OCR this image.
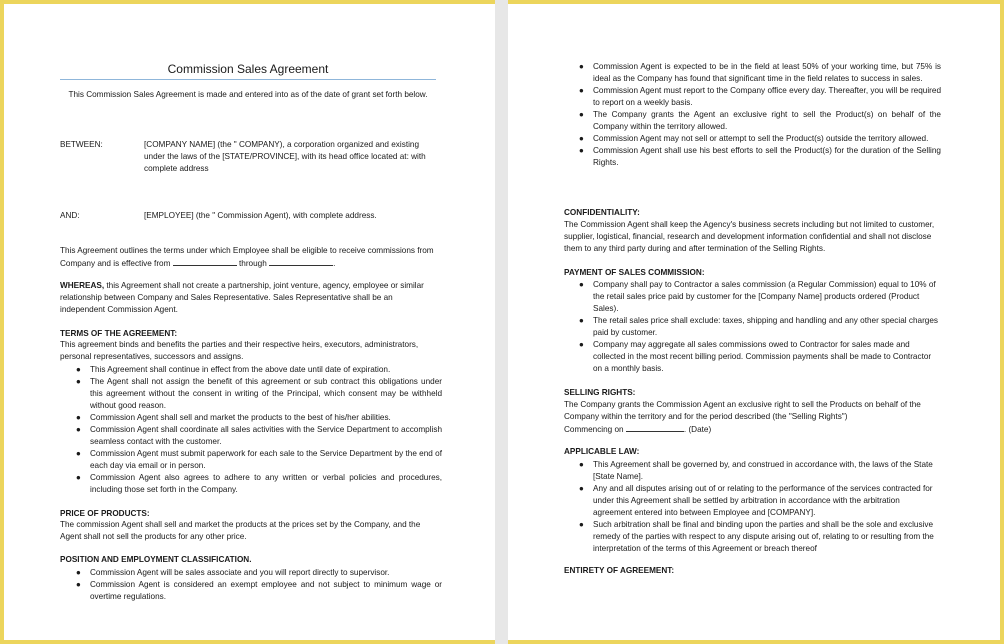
Commission Sales Agreement
This Commission Sales Agreement is made and entered into as of the date of grant set forth below.
BETWEEN:	[COMPANY NAME] (the " COMPANY), a corporation organized and existing under the laws of the [STATE/PROVINCE], with its head office located at: with complete address
AND:	[EMPLOYEE] (the " Commission Agent), with complete address.
This Agreement outlines the terms under which Employee shall be eligible to receive commissions from Company and is effective from	through	.
WHEREAS, this Agreement shall not create a partnership, joint venture, agency, employee or similar relationship between Company and Sales Representative. Sales Representative shall be an independent Commission Agent.
TERMS OF THE AGREEMENT:
This agreement binds and benefits the parties and their respective heirs, executors, administrators, personal representatives, successors and assigns.
● This Agreement shall continue in effect from the above date until date of expiration.
● The Agent shall not assign the benefit of this agreement or sub contract this obligations under this agreement without the consent in writing of the Principal, which consent may be withheld without good reason.
● Commission Agent shall sell and market the products to the best of his/her abilities.
● Commission Agent shall coordinate all sales activities with the Service Department to accomplish seamless contact with the customer.
● Commission Agent must submit paperwork for each sale to the Service Department by the end of each day via email or in person.
● Commission Agent also agrees to adhere to any written or verbal policies and procedures, including those set forth in the Company.
PRICE OF PRODUCTS:
The commission Agent shall sell and market the products at the prices set by the Company, and the Agent shall not sell the products for any other price.
POSITION AND EMPLOYMENT CLASSIFICATION.
● Commission Agent will be sales associate and you will report directly to supervisor.
● Commission Agent is considered an exempt employee and not subject to minimum wage or overtime regulations.
● Commission Agent is expected to be in the field at least 50% of your working time, but 75% is ideal as the Company has found that significant time in the field relates to success in sales.
● Commission Agent must report to the Company office every day. Thereafter, you will be required to report on a weekly basis.
● The Company grants the Agent an exclusive right to sell the Product(s) on behalf of the Company within the territory allowed.
● Commission Agent may not sell or attempt to sell the Product(s) outside the territory allowed.
● Commission Agent shall use his best efforts to sell the Product(s) for the duration of the Selling Rights.
CONFIDENTIALITY:
The Commission Agent shall keep the Agency's business secrets including but not limited to customer, supplier, logistical, financial, research and development information confidential and shall not disclose them to any third party during and after termination of the Selling Rights.
PAYMENT OF SALES COMMISSION:
● Company shall pay to Contractor a sales commission (a Regular Commission) equal to 10% of the retail sales price paid by customer for the [Company Name] products ordered (Product Sales).
● The retail sales price shall exclude: taxes, shipping and handling and any other special charges paid by customer.
● Company may aggregate all sales commissions owed to Contractor for sales made and collected in the most recent billing period. Commission payments shall be made to Contractor on a monthly basis.
SELLING RIGHTS:
The Company grants the Commission Agent an exclusive right to sell the Products on behalf of the Company within the territory and for the period described (the "Selling Rights")
Commencing on	. (Date)
APPLICABLE LAW:
● This Agreement shall be governed by, and construed in accordance with, the laws of the State [State Name].
● Any and all disputes arising out of or relating to the performance of the services contracted for under this Agreement shall be settled by arbitration in accordance with the arbitration agreement entered into between Employee and [COMPANY].
● Such arbitration shall be final and binding upon the parties and shall be the sole and exclusive remedy of the parties with respect to any dispute arising out of, relating to or resulting from the interpretation of the terms of this Agreement or breach thereof
ENTIRETY OF AGREEMENT:
